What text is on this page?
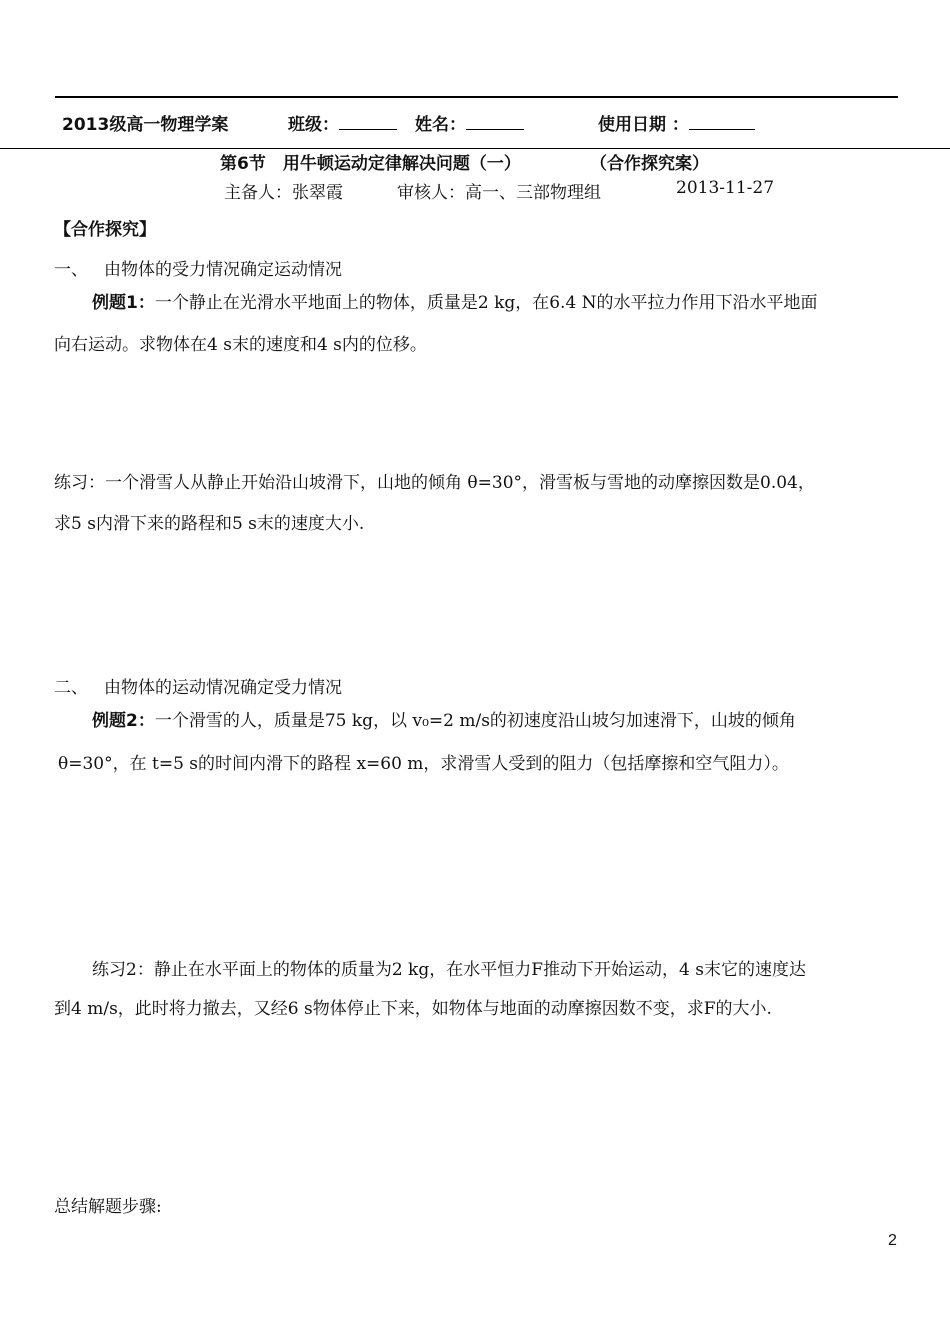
2013级高一物理学案	班级：	姓名：	使用日期 ：
第6节　用牛顿运动定律解决问题（一）	（合作探究案）
主备人：张翠霞	审核人：高一、三部物理组	2013-11-27
【合作探究】
一、 由物体的受力情况确定运动情况
例题1：一个静止在光滑水平地面上的物体，质量是2 kg，在6.4 N的水平拉力作用下沿水平地面
向右运动。求物体在4 s末的速度和4 s内的位移。
练习：一个滑雪人从静止开始沿山坡滑下，山地的倾角 θ=30°，滑雪板与雪地的动摩擦因数是0.04，
求5 s内滑下来的路程和5 s末的速度大小.
二、 由物体的运动情况确定受力情况
例题2：一个滑雪的人，质量是75 kg，以 v₀=2 m/s的初速度沿山坡匀加速滑下，山坡的倾角
θ=30°，在 t=5 s的时间内滑下的路程 x=60 m，求滑雪人受到的阻力（包括摩擦和空气阻力）。
练习2：静止在水平面上的物体的质量为2 kg，在水平恒力F推动下开始运动，4 s末它的速度达
到4 m/s，此时将力撤去，又经6 s物体停止下来，如物体与地面的动摩擦因数不变，求F的大小.
总结解题步骤:
2
